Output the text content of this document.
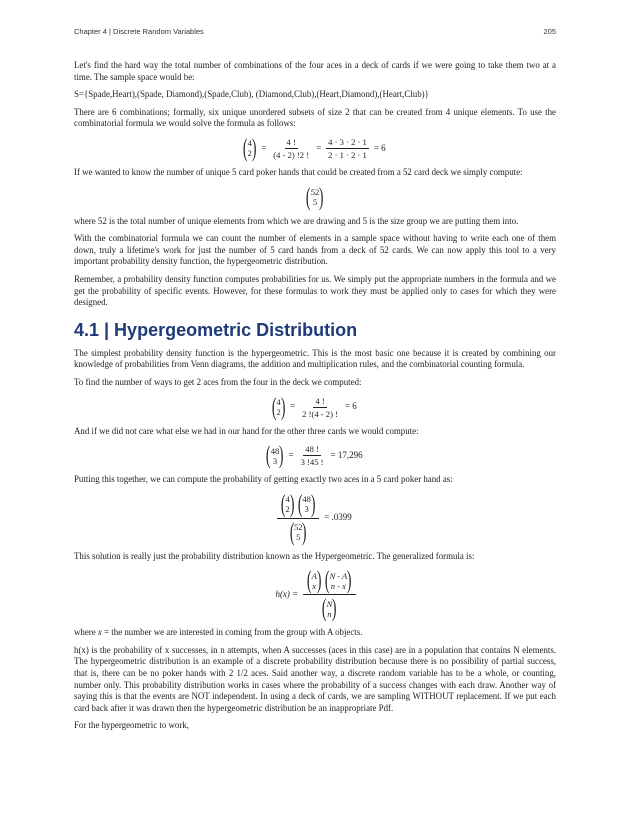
Chapter 4 | Discrete Random Variables	205

Let's find the hard way the total number of combinations of the four aces in a deck of cards if we were going to take them two at a time. The sample space would be:

S={Spade,Heart),(Spade, Diamond),(Spade,Club), (Diamond,Club),(Heart,Diamond),(Heart,Club)}

There are 6 combinations; formally, six unique unordered subsets of size 2 that can be created from 4 unique elements. To use the combinatorial formula we would solve the formula as follows:

( 4
2 ) = $\frac{4 !}{(4 - 2) !2 !} = \frac{4 \cdot 3 \cdot 2 \cdot 1}{2 \cdot 1 \cdot 2 \cdot 1} = 6$

If we wanted to know the number of unique 5 card poker hands that could be created from a 52 card deck we simply compute:

( 52
5 )

where 52 is the total number of unique elements from which we are drawing and 5 is the size group we are putting them into.

With the combinatorial formula we can count the number of elements in a sample space without having to write each one of them down, truly a lifetime's work for just the number of 5 card hands from a deck of 52 cards. We can now apply this tool to a very important probability density function, the hypergeometric distribution.

Remember, a probability density function computes probabilities for us. We simply put the appropriate numbers in the formula and we get the probability of specific events. However, for these formulas to work they must be applied only to cases for which they were designed.

4.1 | Hypergeometric Distribution

The simplest probability density function is the hypergeometric. This is the most basic one because it is created by combining our knowledge of probabilities from Venn diagrams, the addition and multiplication rules, and the combinatorial counting formula.

To find the number of ways to get 2 aces from the four in the deck we computed:

( 4
2 ) = $\frac{4 !}{2 !(4 - 2) !} = 6$

And if we did not care what else we had in our hand for the other three cards we would compute:

( 48
3 ) = $\frac{48 !}{3 !45 !} = 17,296$

Putting this together, we can compute the probability of getting exactly two aces in a 5 card poker hand as:

( 4
2 ) ( 48
3 )
( 52
5 ) = .0399

This solution is really just the probability distribution known as the Hypergeometric. The generalized formula is:

h(x) = ( A
x ) ( N - A
n - x )
( N
n )

where x = the number we are interested in coming from the group with A objects.

h(x) is the probability of x successes, in n attempts, when A successes (aces in this case) are in a population that contains N elements. The hypergeometric distribution is an example of a discrete probability distribution because there is no possibility of partial success, that is, there can be no poker hands with 2 1/2 aces. Said another way, a discrete random variable has to be a whole, or counting, number only. This probability distribution works in cases where the probability of a success changes with each draw. Another way of saying this is that the events are NOT independent. In using a deck of cards, we are sampling WITHOUT replacement. If we put each card back after it was drawn then the hypergeometric distribution be an inappropriate Pdf.

For the hypergeometric to work,
